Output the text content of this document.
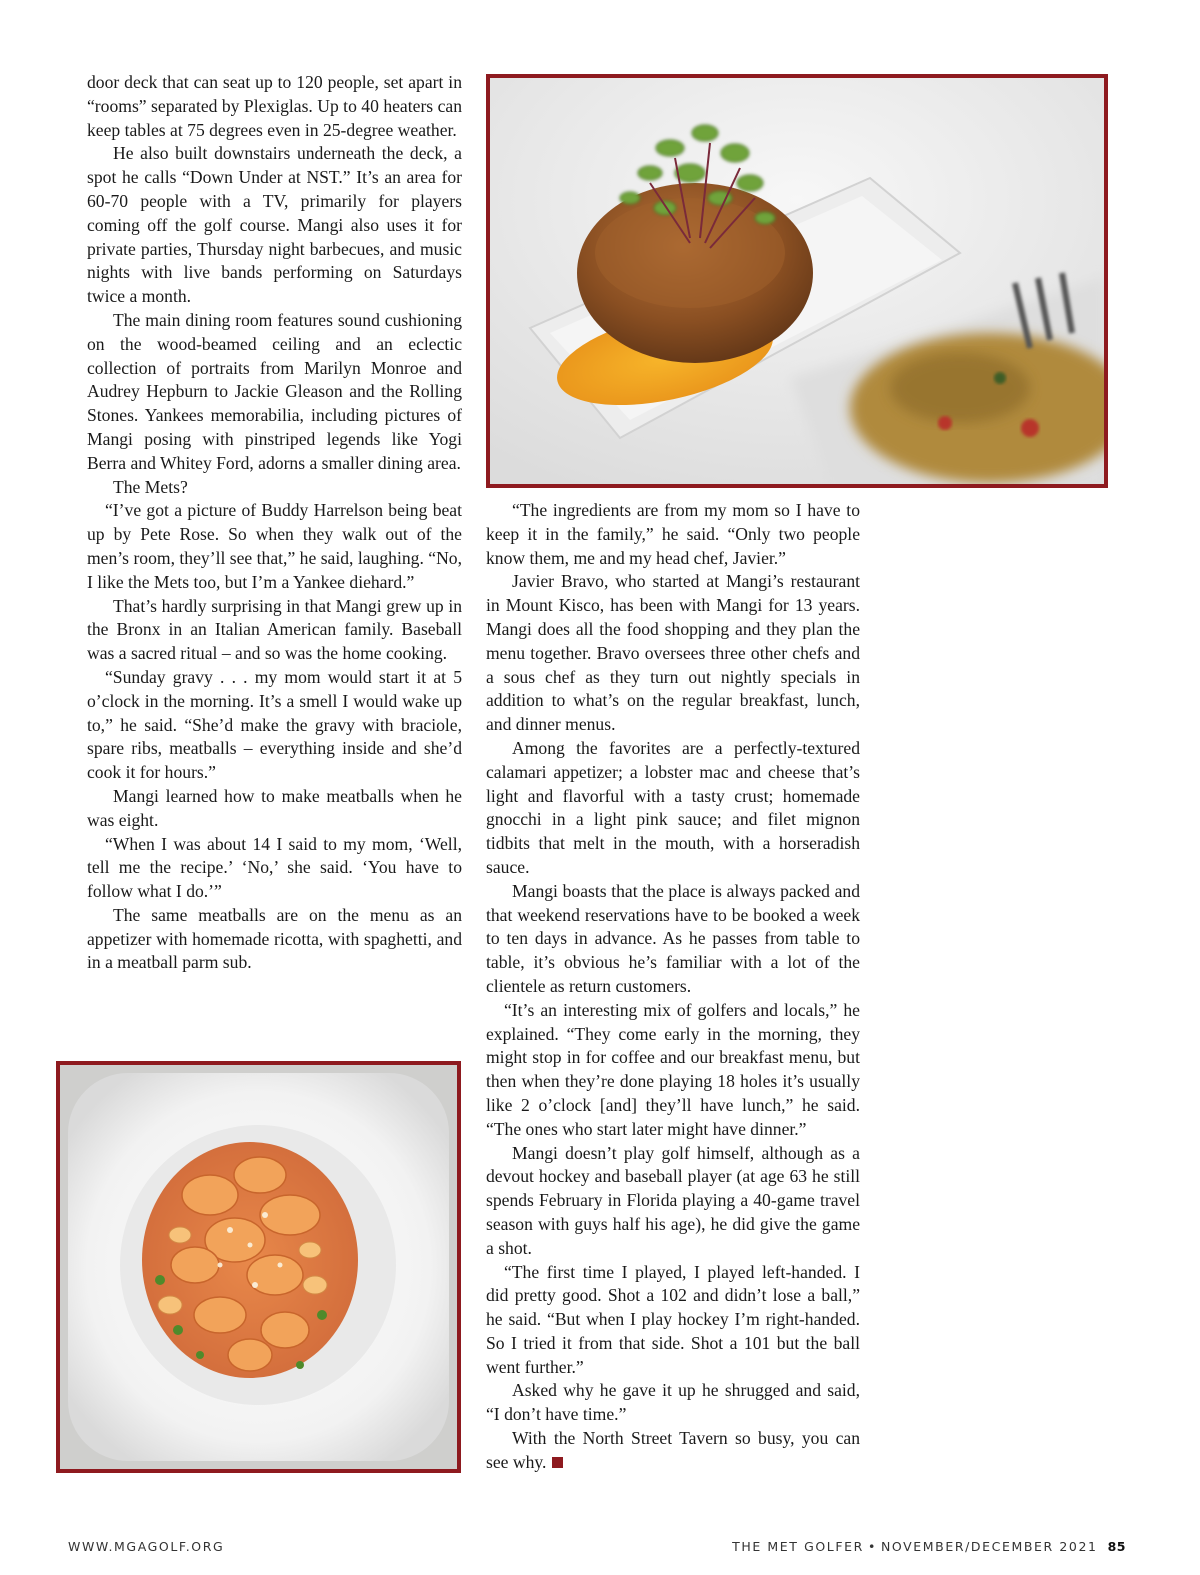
door deck that can seat up to 120 people, set apart in “rooms” separated by Plexiglas. Up to 40 heaters can keep tables at 75 degrees even in 25-degree weather.

He also built downstairs underneath the deck, a spot he calls “Down Under at NST.” It’s an area for 60-70 people with a TV, primarily for players coming off the golf course. Mangi also uses it for private parties, Thursday night barbecues, and music nights with live bands performing on Saturdays twice a month.

The main dining room features sound cushioning on the wood-beamed ceiling and an eclectic collection of portraits from Marilyn Monroe and Audrey Hepburn to Jackie Gleason and the Rolling Stones. Yankees memorabilia, including pictures of Mangi posing with pinstriped legends like Yogi Berra and Whitey Ford, adorns a smaller dining area.

The Mets?

“I’ve got a picture of Buddy Harrelson being beat up by Pete Rose. So when they walk out of the men’s room, they’ll see that,” he said, laughing. “No, I like the Mets too, but I’m a Yankee diehard.”

That’s hardly surprising in that Mangi grew up in the Bronx in an Italian American family. Baseball was a sacred ritual – and so was the home cooking.

“Sunday gravy . . . my mom would start it at 5 o’clock in the morning. It’s a smell I would wake up to,” he said. “She’d make the gravy with braciole, spare ribs, meatballs – everything inside and she’d cook it for hours.”

Mangi learned how to make meatballs when he was eight.

“When I was about 14 I said to my mom, ‘Well, tell me the recipe.’ ‘No,’ she said. ‘You have to follow what I do.’”

The same meatballs are on the menu as an appetizer with homemade ricotta, with spaghetti, and in a meatball parm sub.

“The ingredients are from my mom so I have to keep it in the family,” he said. “Only two people know them, me and my head chef, Javier.”

Javier Bravo, who started at Mangi’s restaurant in Mount Kisco, has been with Mangi for 13 years. Mangi does all the food shopping and they plan the menu together. Bravo oversees three other chefs and a sous chef as they turn out nightly specials in addition to what’s on the regular breakfast, lunch, and dinner menus.

Among the favorites are a perfectly-textured calamari appetizer; a lobster mac and cheese that’s light and flavorful with a tasty crust; homemade gnocchi in a light pink sauce; and filet mignon tidbits that melt in the mouth, with a horseradish sauce.

Mangi boasts that the place is always packed and that weekend reservations have to be booked a week to ten days in advance. As he passes from table to table, it’s obvious he’s familiar with a lot of the clientele as return customers.

“It’s an interesting mix of golfers and locals,” he explained. “They come early in the morning, they might stop in for coffee and our breakfast menu, but then when they’re done playing 18 holes it’s usually like 2 o’clock [and] they’ll have lunch,” he said. “The ones who start later might have dinner.”

Mangi doesn’t play golf himself, although as a devout hockey and baseball player (at age 63 he still spends February in Florida playing a 40-game travel season with guys half his age), he did give the game a shot.

“The first time I played, I played left-handed. I did pretty good. Shot a 102 and didn’t lose a ball,” he said. “But when I play hockey I’m right-handed. So I tried it from that side. Shot a 101 but the ball went further.”

Asked why he gave it up he shrugged and said, “I don’t have time.”

With the North Street Tavern so busy, you can see why.

WWW.MGAGOLF.ORG	THE MET GOLFER • NOVEMBER/DECEMBER 2021 85
